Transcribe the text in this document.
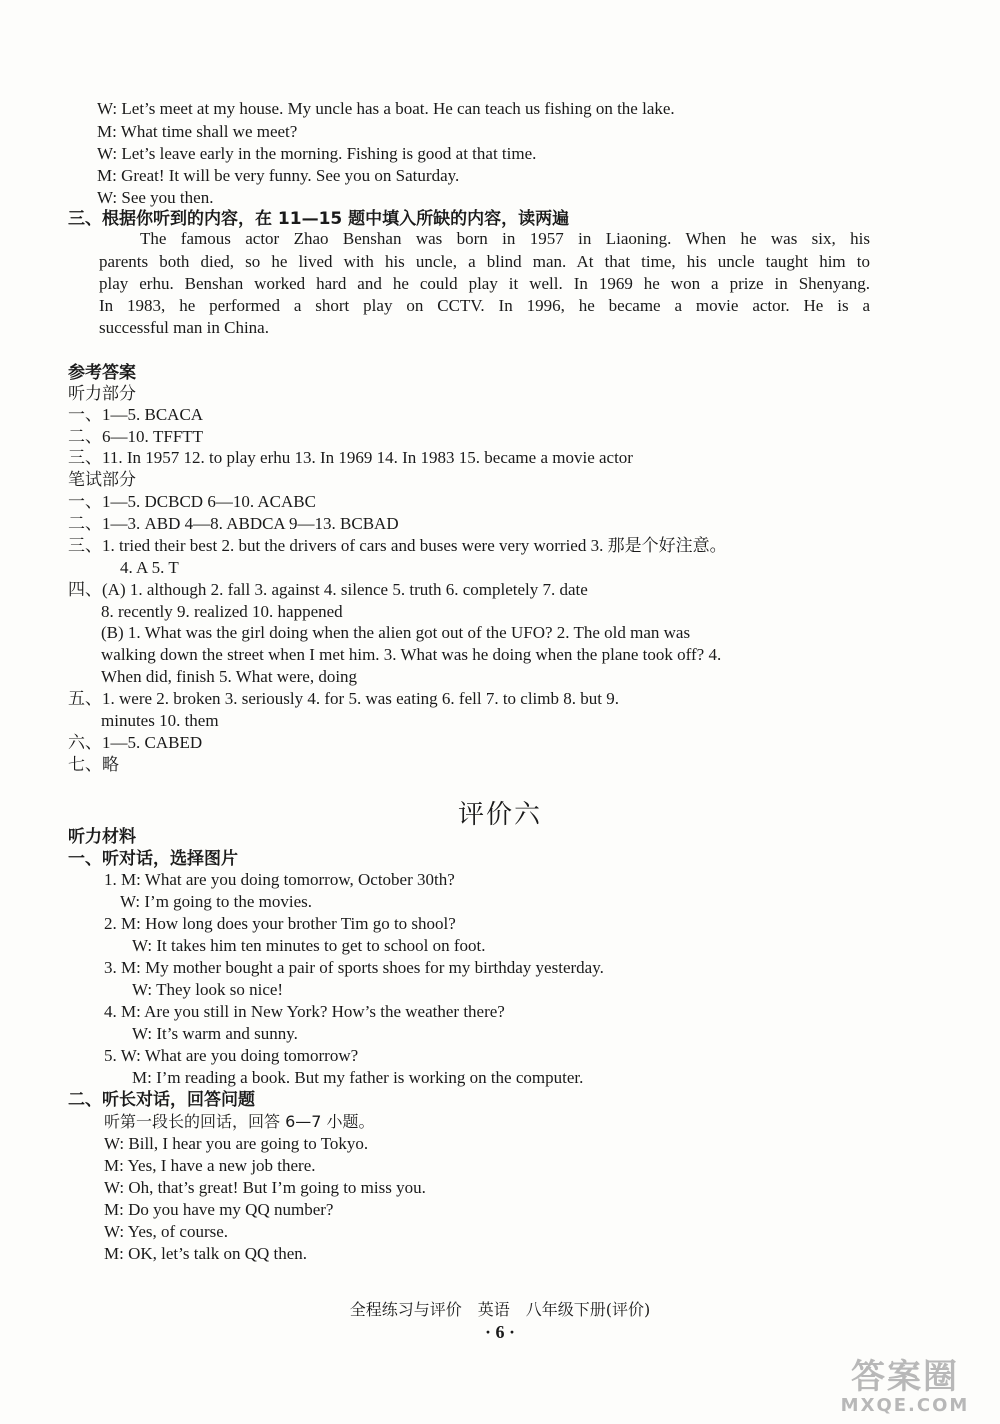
W: Let’s meet at my house. My uncle has a boat. He can teach us fishing on the lake.
M: What time shall we meet?
W: Let’s leave early in the morning. Fishing is good at that time.
M: Great! It will be very funny. See you on Saturday.
W: See you then.
三、根据你听到的内容，在 11—15 题中填入所缺的内容，读两遍
The famous actor Zhao Benshan was born in 1957 in Liaoning. When he was six, his
parents both died, so he lived with his uncle, a blind man. At that time, his uncle taught him to
play erhu. Benshan worked hard and he could play it well. In 1969 he won a prize in Shenyang.
In 1983, he performed a short play on CCTV. In 1996, he became a movie actor. He is a
successful man in China.
参考答案
听力部分
一、1—5. BCACA
二、6—10. TFFTT
三、11. In 1957 12. to play erhu 13. In 1969 14. In 1983 15. became a movie actor
笔试部分
一、1—5. DCBCD 6—10. ACABC
二、1—3. ABD 4—8. ABDCA 9—13. BCBAD
三、1. tried their best 2. but the drivers of cars and buses were very worried 3. 那是个好注意。
4. A 5. T
四、(A) 1. although 2. fall 3. against 4. silence 5. truth 6. completely 7. date
8. recently 9. realized 10. happened
(B) 1. What was the girl doing when the alien got out of the UFO? 2. The old man was
walking down the street when I met him. 3. What was he doing when the plane took off? 4.
When did, finish 5. What were, doing
五、1. were 2. broken 3. seriously 4. for 5. was eating 6. fell 7. to climb 8. but 9.
minutes 10. them
六、1—5. CABED
七、略
评价六
听力材料
一、听对话，选择图片
1. M: What are you doing tomorrow, October 30th?
W: I’m going to the movies.
2. M: How long does your brother Tim go to shool?
W: It takes him ten minutes to get to school on foot.
3. M: My mother bought a pair of sports shoes for my birthday yesterday.
W: They look so nice!
4. M: Are you still in New York? How’s the weather there?
W: It’s warm and sunny.
5. W: What are you doing tomorrow?
M: I’m reading a book. But my father is working on the computer.
二、听长对话，回答问题
听第一段长的回话，回答 6—7 小题。
W: Bill, I hear you are going to Tokyo.
M: Yes, I have a new job there.
W: Oh, that’s great! But I’m going to miss you.
M: Do you have my QQ number?
W: Yes, of course.
M: OK, let’s talk on QQ then.
全程练习与评价　英语　八年级下册(评价)
· 6 ·
答案圈
MXQE.COM
